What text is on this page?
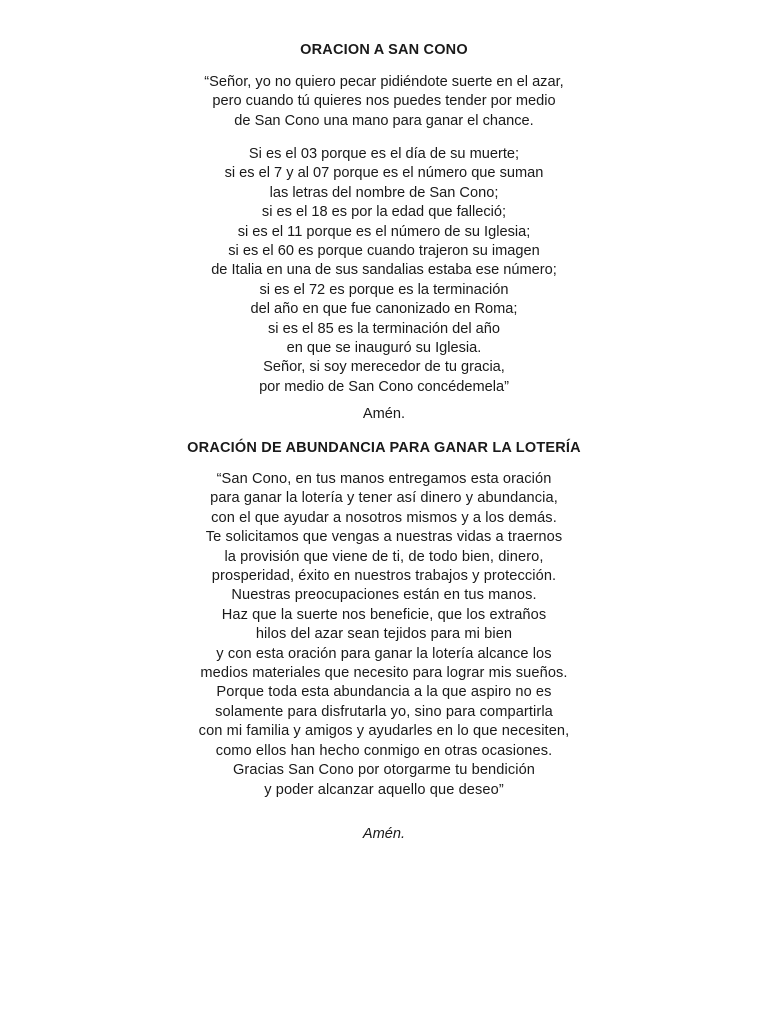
ORACION A SAN CONO
“Señor, yo no quiero pecar pidiéndote suerte en el azar,
pero cuando tú quieres nos puedes tender por medio
de San Cono una mano para ganar el chance.
Si es el 03 porque es el día de su muerte;
si es el 7 y al 07 porque es el número que suman
las letras del nombre de San Cono;
si es el 18 es por la edad que falleció;
si es el 11 porque es el número de su Iglesia;
si es el 60 es porque cuando trajeron su imagen
de Italia en una de sus sandalias estaba ese número;
si es el 72 es porque es la terminación
del año en que fue canonizado en Roma;
si es el 85 es la terminación del año
en que se inauguró su Iglesia.
Señor, si soy merecedor de tu gracia,
por medio de San Cono concédemela”

Amén.

ORACIÓN DE ABUNDANCIA PARA GANAR LA LOTERÍA
“San Cono, en tus manos entregamos esta oración
para ganar la lotería y tener así dinero y abundancia,
con el que ayudar a nosotros mismos y a los demás.
Te solicitamos que vengas a nuestras vidas a traernos
la provisión que viene de ti, de todo bien, dinero,
prosperidad, éxito en nuestros trabajos y protección.
Nuestras preocupaciones están en tus manos.
Haz que la suerte nos beneficie, que los extraños
hilos del azar sean tejidos para mi bien
y con esta oración para ganar la lotería alcance los
medios materiales que necesito para lograr mis sueños.
Porque toda esta abundancia a la que aspiro no es
solamente para disfrutarla yo, sino para compartirla
con mi familia y amigos y ayudarles en lo que necesiten,
como ellos han hecho conmigo en otras ocasiones.
Gracias San Cono por otorgarme tu bendición
y poder alcanzar aquello que deseo”

Amén.
